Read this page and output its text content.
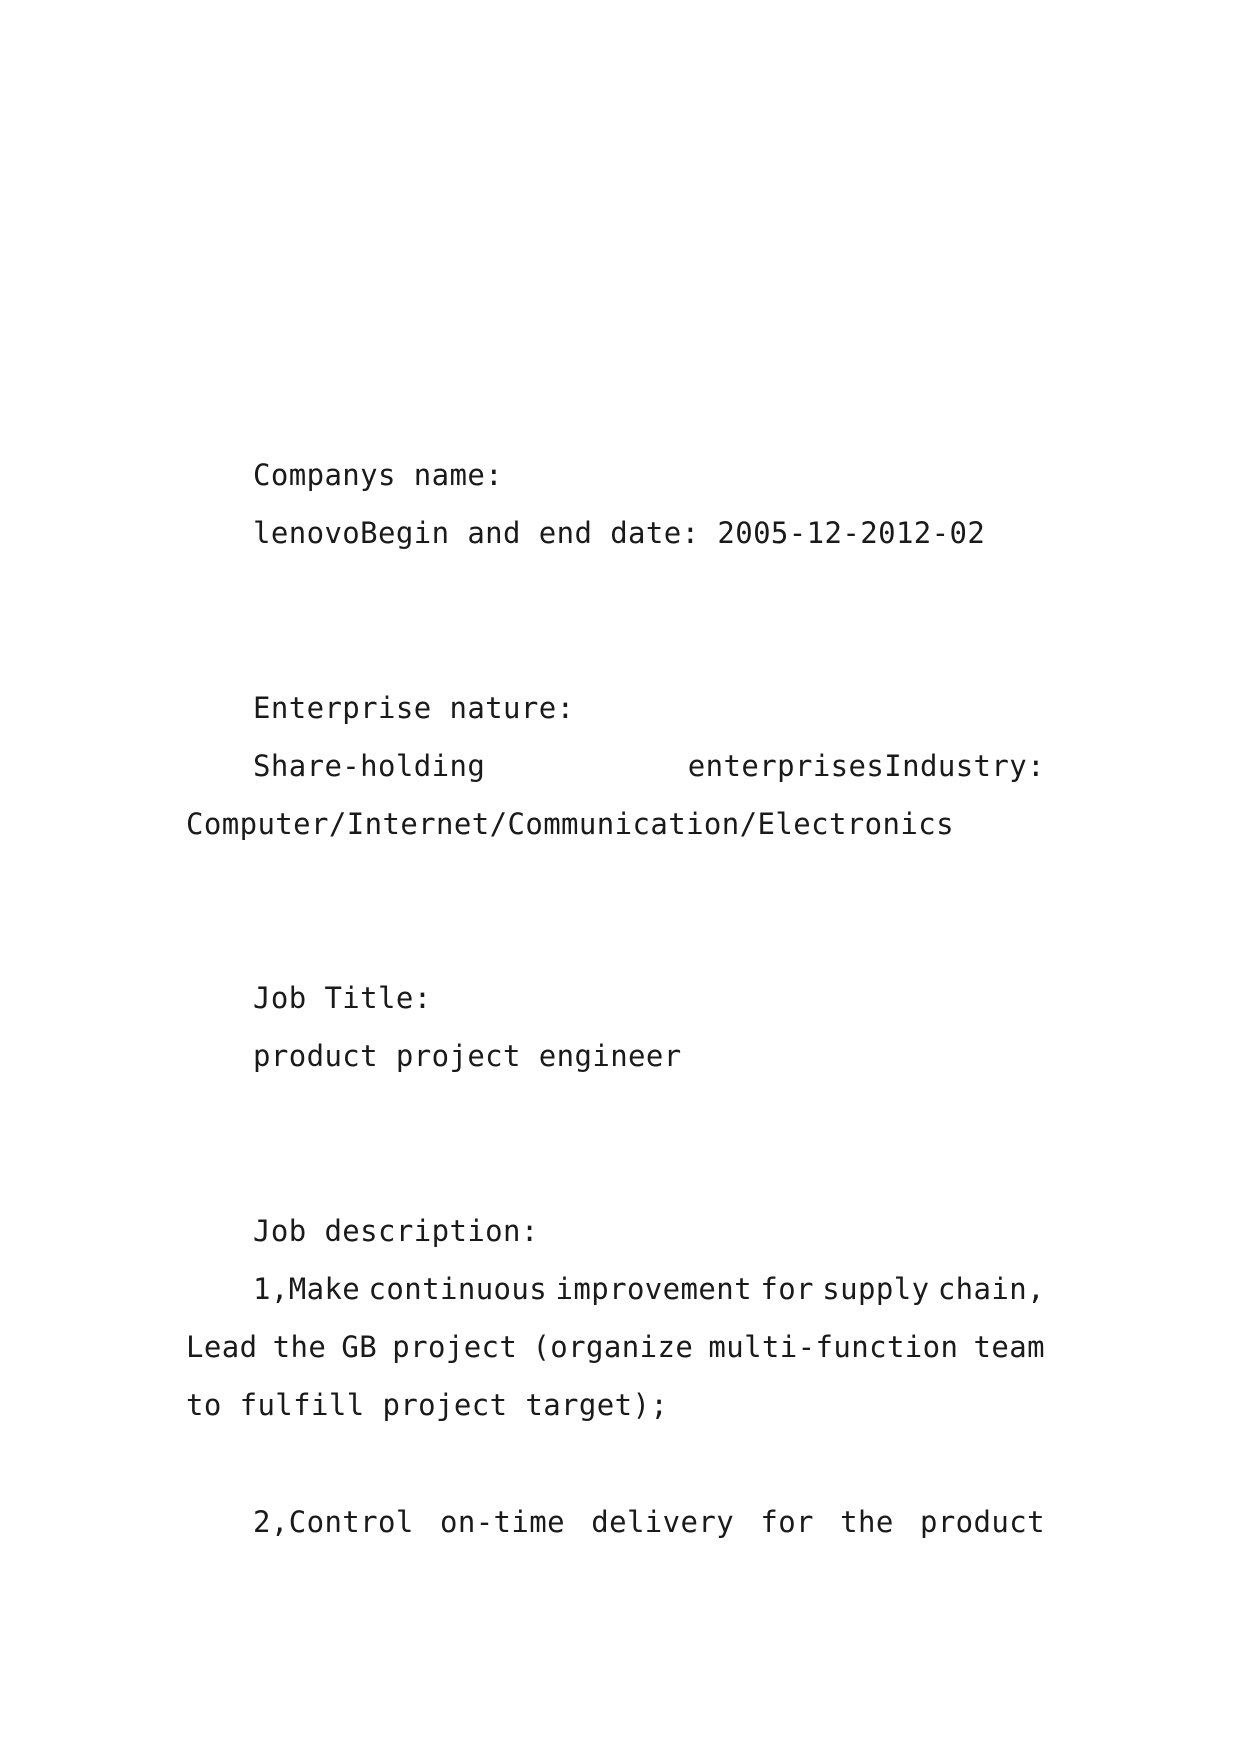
Companys name:
lenovoBegin and end date: 2005-12-2012-02
Enterprise nature:
Share-holding	enterprisesIndustry:
Computer/Internet/Communication/Electronics
Job Title:
product project engineer
Job description:
1,Make continuous improvement for supply chain,
Lead the GB project (organize multi-function team
to fulfill project target);
2,Control on-time delivery for the product
